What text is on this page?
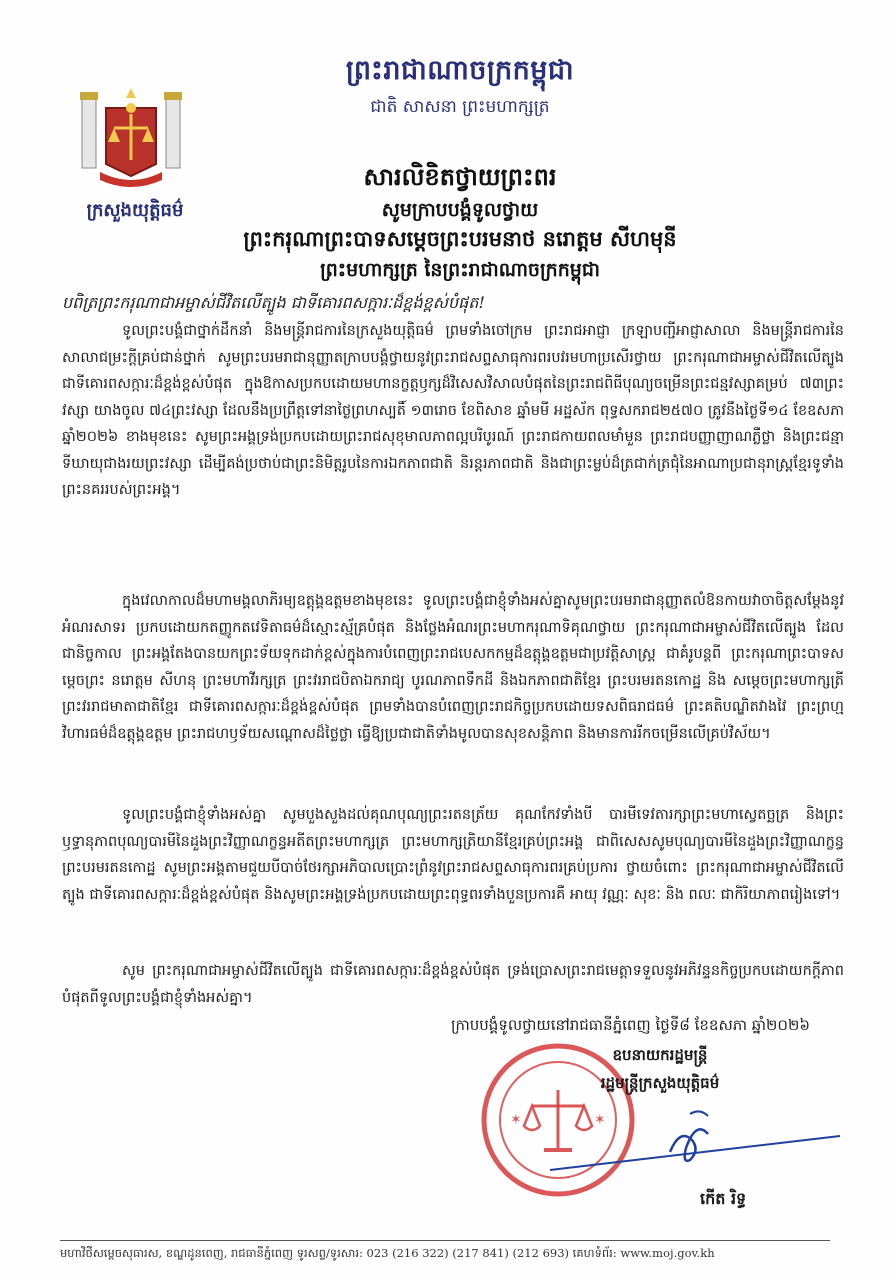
ព្រះរាជាណាចក្រកម្ពុជា
ជាតិ សាសនា ព្រះមហាក្សត្រ
ក្រសួងយុត្តិធម៌
សារលិខិតថ្វាយព្រះពរ
សូមក្រាបបង្គំទូលថ្វាយ
ព្រះករុណាព្រះបាទសម្តេចព្រះបរមនាថ នរោត្តម សីហមុនី
ព្រះមហាក្សត្រ នៃព្រះរាជាណាចក្រកម្ពុជា
បពិត្រព្រះករុណាជាអម្ចាស់ជីវិតលើត្បូង ជាទីគោរពសក្ការៈដ៏ខ្ពង់ខ្ពស់បំផុត!

ទូលព្រះបង្គំជាថ្នាក់ដឹកនាំ និងមន្ត្រីរាជការនៃក្រសួងយុត្តិធម៌ ព្រមទាំងចៅក្រម ព្រះរាជអាជ្ញា ក្រឡាបញ្ជីអាជ្ញាសាលា និងមន្ត្រីរាជការនៃសាលាជម្រះក្តីគ្រប់ជាន់ថ្នាក់ សូមព្រះបរមរាជានុញ្ញាតក្រាបបង្គំថ្វាយនូវព្រះរាជសព្ទសាធុការពរបវរមហាប្រសើរថ្វាយ ព្រះករុណាជាអម្ចាស់ជីវិតលើត្បូង ជាទីគោរពសក្ការៈដ៏ខ្ពង់ខ្ពស់បំផុត ក្នុងឱកាសប្រកបដោយមហានក្ខត្តឫក្សដ៏វិសេសវិសាលបំផុតនៃព្រះរាជពិធីបុណ្យចម្រើនព្រះជន្មវស្សាគម្រប់ ៧៣ព្រះវស្សា យាងចូល ៧៤ព្រះវស្សា ដែលនឹងប្រព្រឹត្តទៅនាថ្ងៃព្រហស្បតិ៍ ១៣រោច ខែពិសាខ ឆ្នាំមមី អដ្ឋស័ក ពុទ្ធសករាជ២៥៧០ ត្រូវនឹងថ្ងៃទី១៤ ខែឧសភា ឆ្នាំ២០២៦ ខាងមុខនេះ សូមព្រះអង្គទ្រង់ប្រកបដោយព្រះរាជសុខុមាលភាពល្អបរិបូរណ៍ ព្រះរាជកាយពលមាំមួន ព្រះរាជបញ្ញាញាណភ្លឺថ្លា និងព្រះជន្មាទីឃាយុជាងរយព្រះវស្សា ដើម្បីគង់ប្រថាប់ជាព្រះនិមិត្តរូបនៃការឯកភាពជាតិ និរន្តរភាពជាតិ និងជាព្រះម្លប់ដ៏ត្រជាក់ត្រជុំនៃអាណាប្រជានុរាស្ត្រខ្មែរទូទាំងព្រះនគររបស់ព្រះអង្គ។

ក្នុងវេលាកាលដ៏មហាមង្គលាភិរម្យឧត្តុង្គឧត្តមខាងមុខនេះ ទូលព្រះបង្គំជាខ្ញុំទាំងអស់គ្នាសូមព្រះបរមរាជានុញ្ញាតលំឱនកាយវាចាចិត្តសម្តែងនូវអំណរសាទរ ប្រកបដោយកតញ្ញូកតវេទិតាធម៌ដ៏ស្មោះស្ម័គ្របំផុត និងថ្លែងអំណរព្រះមហាករុណាទិគុណថ្វាយ ព្រះករុណាជាអម្ចាស់ជីវិតលើត្បូង ដែលជានិច្ចកាល ព្រះអង្គតែងបានយកព្រះទ័យទុកដាក់ខ្ពស់ក្នុងការបំពេញព្រះរាជបេសកកម្មដ៏ឧត្តុង្គឧត្តមជាប្រវត្តិសាស្ត្រ ជាគំរូបន្តពី ព្រះករុណាព្រះបាទសម្តេចព្រះ នរោត្តម សីហនុ ព្រះមហាវីរក្សត្រ ព្រះវររាជបិតាឯករាជ្យ បូរណភាពទឹកដី និងឯកភាពជាតិខ្មែរ ព្រះបរមរតនកោដ្ឋ និង សម្តេចព្រះមហាក្សត្រី ព្រះវររាជមាតាជាតិខ្មែរ ជាទីគោរពសក្ការៈដ៏ខ្ពង់ខ្ពស់បំផុត ព្រមទាំងបានបំពេញព្រះរាជកិច្ចប្រកបដោយទសពិធរាជធម៌ ព្រះគតិបណ្ឌិតវាងវៃ ព្រះព្រហ្មវិហារធម៌ដ៏ឧត្តុង្គឧត្តម ព្រះរាជហឫទ័យសណ្តោសដ៏ថ្លៃថ្លា ធ្វើឱ្យប្រជាជាតិទាំងមូលបានសុខសន្តិភាព និងមានការរីកចម្រើនលើគ្រប់វិស័យ។

ទូលព្រះបង្គំជាខ្ញុំទាំងអស់គ្នា សូមបួងសួងដល់គុណបុណ្យព្រះរតនត្រ័យ គុណកែវទាំងបី បារមីទេវតារក្សាព្រះមហាស្វេតច្ឆត្រ និងព្រះឫទ្ធានុភាពបុណ្យបារមីនៃដួងព្រះវិញ្ញាណក្ខន្ធអតីតព្រះមហាក្សត្រ ព្រះមហាក្សត្រិយានីខ្មែរគ្រប់ព្រះអង្គ ជាពិសេសសូមបុណ្យបារមីនៃដួងព្រះវិញ្ញាណក្ខន្ធ ព្រះបរមរតនកោដ្ឋ សូមព្រះអង្គតាមជួយបីបាច់ថែរក្សាអភិបាលប្រោះព្រំនូវព្រះរាជសព្ទសាធុការពរគ្រប់ប្រការ ថ្វាយចំពោះ ព្រះករុណាជាអម្ចាស់ជីវិតលើត្បូង ជាទីគោរពសក្ការៈដ៏ខ្ពង់ខ្ពស់បំផុត និងសូមព្រះអង្គទ្រង់ប្រកបដោយព្រះពុទ្ធពរទាំងបួនប្រការគឺ អាយុ វណ្ណៈ សុខៈ និង ពលៈ ជាកិរិយាភាពរៀងទៅ។

សូម ព្រះករុណាជាអម្ចាស់ជីវិតលើត្បូង ជាទីគោរពសក្ការៈដ៏ខ្ពង់ខ្ពស់បំផុត ទ្រង់ប្រោសព្រះរាជមេត្តាទទួលនូវអភិវន្ទនកិច្ចប្រកបដោយកក្តីភាពបំផុតពីទូលព្រះបង្គំជាខ្ញុំទាំងអស់គ្នា។

✶	✶
ក្រាបបង្គំទូលថ្វាយនៅរាជធានីភ្នំពេញ ថ្ងៃទី៨ ខែឧសភា ឆ្នាំ២០២៦
ឧបនាយករដ្ឋមន្ត្រី
រដ្ឋមន្ត្រីក្រសួងយុត្តិធម៌
កើត រិទ្ធ
មហាវិថីសម្តេចសុធារស, ខណ្ឌដូនពេញ, រាជធានីភ្នំពេញ ទូរសព្ទ/ទូរសារ: 023 (216 322) (217 841) (212 693) គេហទំព័រ: www.moj.gov.kh
